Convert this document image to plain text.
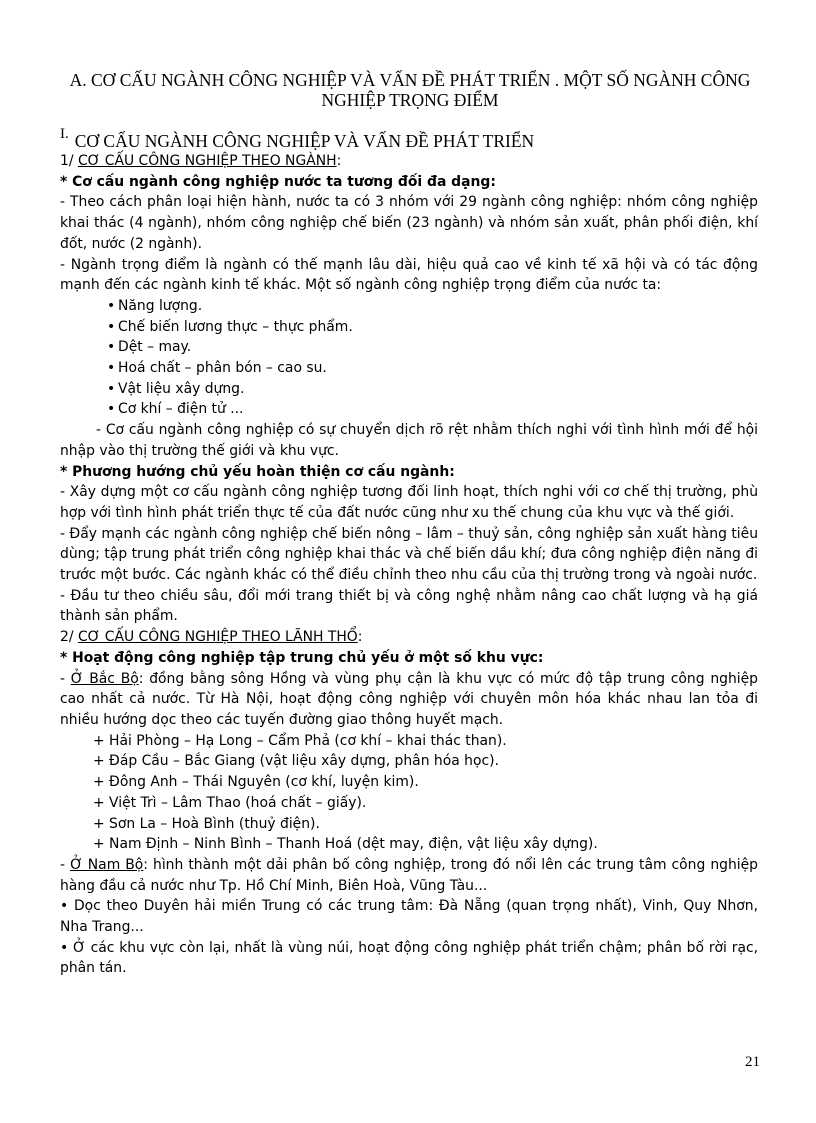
A. CƠ CẤU NGÀNH CÔNG NGHIỆP VÀ VẤN ĐỀ PHÁT TRIỂN . MỘT SỐ NGÀNH CÔNG NGHIỆP TRỌNG ĐIỂM
I. CƠ CẤU NGÀNH CÔNG NGHIỆP VÀ VẤN ĐỀ PHÁT TRIỂN

1/ CƠ CẤU CÔNG NGHIỆP THEO NGÀNH:

* Cơ cấu ngành công nghiệp nước ta tương đối đa dạng:

- Theo cách phân loại hiện hành, nước ta có 3 nhóm với 29 ngành công nghiệp: nhóm công nghiệp khai thác (4 ngành), nhóm công nghiệp chế biến (23 ngành) và nhóm sản xuất, phân phối điện, khí đốt, nước (2 ngành).

- Ngành trọng điểm là ngành có thế mạnh lâu dài, hiệu quả cao về kinh tế xã hội và có tác động mạnh đến các ngành kinh tế khác. Một số ngành công nghiệp trọng điểm của nước ta:

• Năng lượng.
• Chế biến lương thực – thực phẩm.
• Dệt – may.
• Hoá chất – phân bón – cao su.
• Vật liệu xây dựng.
• Cơ khí – điện tử ...

- Cơ cấu ngành công nghiệp có sự chuyển dịch rõ rệt nhằm thích nghi với tình hình mới để hội nhập vào thị trường thế giới và khu vực.

* Phương hướng chủ yếu hoàn thiện cơ cấu ngành:

- Xây dựng một cơ cấu ngành công nghiệp tương đối linh hoạt, thích nghi với cơ chế thị trường, phù hợp với tình hình phát triển thực tế của đất nước cũng như xu thế chung của khu vực và thế giới.

- Đẩy mạnh các ngành công nghiệp chế biến nông – lâm – thuỷ sản, công nghiệp sản xuất hàng tiêu dùng; tập trung phát triển công nghiệp khai thác và chế biến dầu khí; đưa công nghiệp điện năng đi trước một bước. Các ngành khác có thể điều chỉnh theo nhu cầu của thị trường trong và ngoài nước.

- Đầu tư theo chiều sâu, đổi mới trang thiết bị và công nghệ nhằm nâng cao chất lượng và hạ giá thành sản phẩm.

2/ CƠ CẤU CÔNG NGHIỆP THEO LÃNH THỔ:

* Hoạt động công nghiệp tập trung chủ yếu ở một số khu vực:

- Ở Bắc Bộ: đồng bằng sông Hồng và vùng phụ cận là khu vực có mức độ tập trung công nghiệp cao nhất cả nước. Từ Hà Nội, hoạt động công nghiệp với chuyên môn hóa khác nhau lan tỏa đi nhiều hướng dọc theo các tuyến đường giao thông huyết mạch.

+ Hải Phòng – Hạ Long – Cẩm Phả (cơ khí – khai thác than).
+ Đáp Cầu – Bắc Giang (vật liệu xây dựng, phân hóa học).
+ Đông Anh – Thái Nguyên (cơ khí, luyện kim).
+ Việt Trì – Lâm Thao (hoá chất – giấy).
+ Sơn La – Hoà Bình (thuỷ điện).
+ Nam Định – Ninh Bình – Thanh Hoá (dệt may, điện, vật liệu xây dựng).

- Ở Nam Bộ: hình thành một dải phân bố công nghiệp, trong đó nổi lên các trung tâm công nghiệp hàng đầu cả nước như Tp. Hồ Chí Minh, Biên Hoà, Vũng Tàu...

• Dọc theo Duyên hải miền Trung có các trung tâm: Đà Nẵng (quan trọng nhất), Vinh, Quy Nhơn, Nha Trang...

• Ở các khu vực còn lại, nhất là vùng núi, hoạt động công nghiệp phát triển chậm; phân bố rời rạc, phân tán.

21
